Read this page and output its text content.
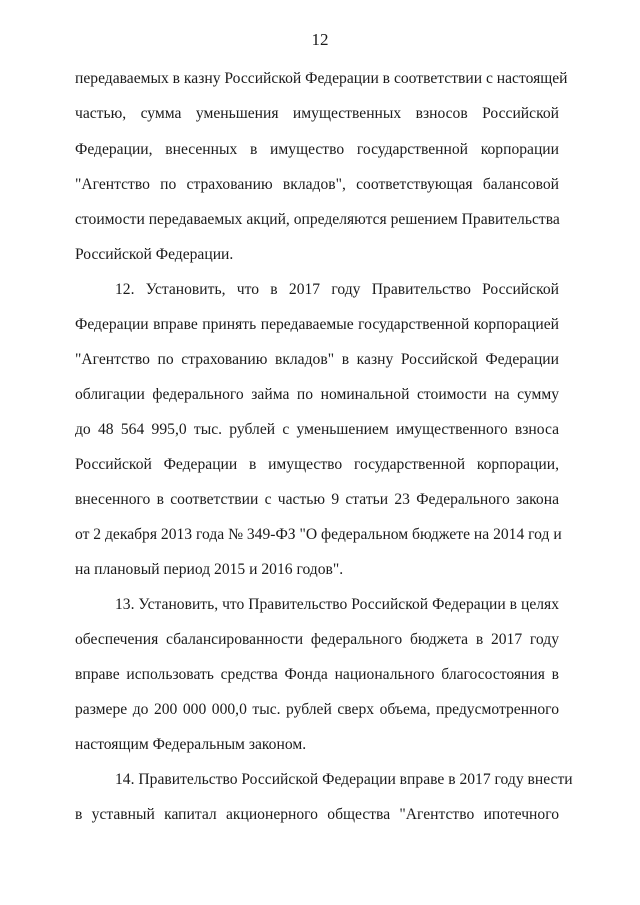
12
передаваемых в казну Российской Федерации в соответствии с настоящей
частью, сумма уменьшения имущественных взносов Российской
Федерации, внесенных в имущество государственной корпорации
"Агентство по страхованию вкладов", соответствующая балансовой
стоимости передаваемых акций, определяются решением Правительства
Российской Федерации.
12. Установить, что в 2017 году Правительство Российской
Федерации вправе принять передаваемые государственной корпорацией
"Агентство по страхованию вкладов" в казну Российской Федерации
облигации федерального займа по номинальной стоимости на сумму
до 48 564 995,0 тыс. рублей с уменьшением имущественного взноса
Российской Федерации в имущество государственной корпорации,
внесенного в соответствии с частью 9 статьи 23 Федерального закона
от 2 декабря 2013 года № 349-ФЗ "О федеральном бюджете на 2014 год и
на плановый период 2015 и 2016 годов".
13. Установить, что Правительство Российской Федерации в целях
обеспечения сбалансированности федерального бюджета в 2017 году
вправе использовать средства Фонда национального благосостояния в
размере до 200 000 000,0 тыс. рублей сверх объема, предусмотренного
настоящим Федеральным законом.
14. Правительство Российской Федерации вправе в 2017 году внести
в уставный капитал акционерного общества "Агентство ипотечного
